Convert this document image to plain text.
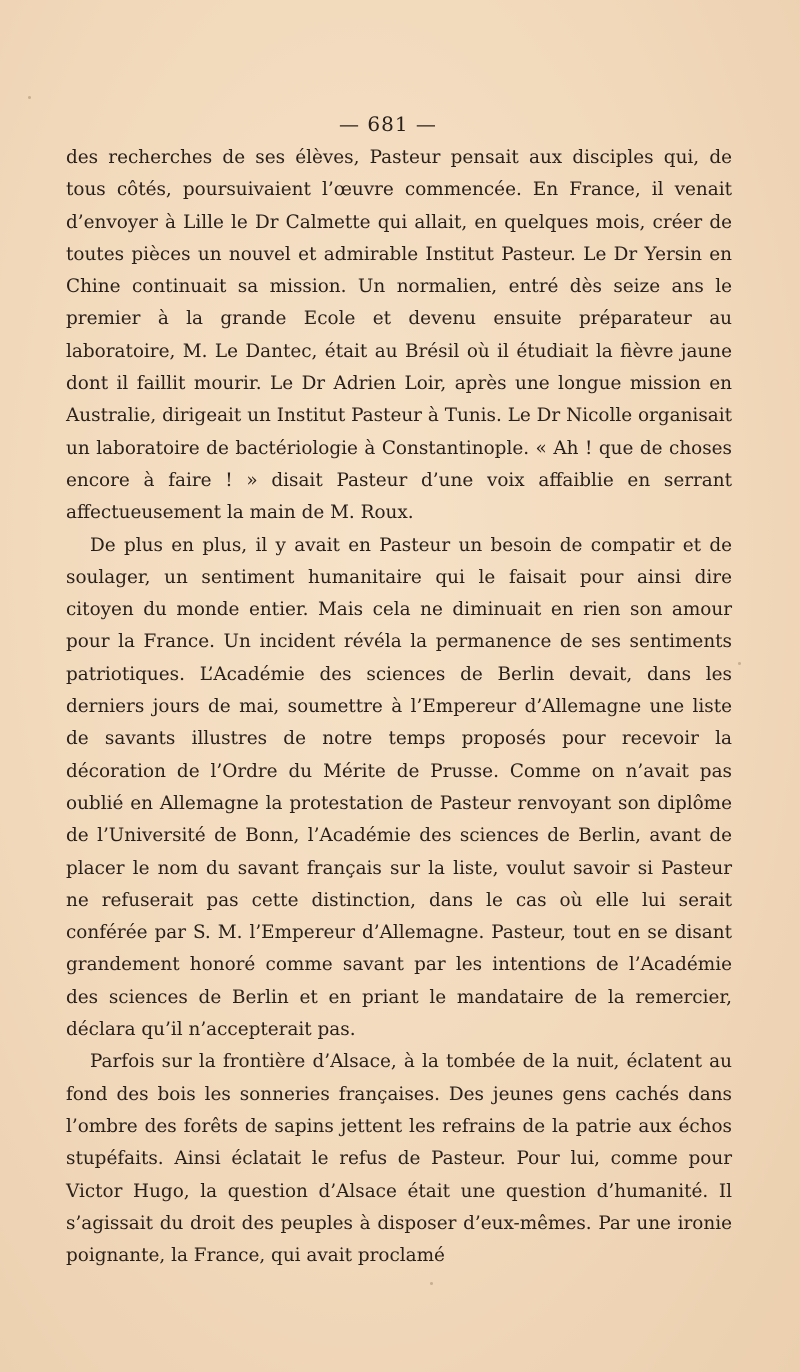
— 681 —

des recherches de ses élèves, Pasteur pensait aux disciples qui, de tous côtés, poursuivaient l’œuvre commencée. En France, il venait d’envoyer à Lille le Dr Calmette qui allait, en quelques mois, créer de toutes pièces un nouvel et admirable Institut Pasteur. Le Dr Yersin en Chine continuait sa mission. Un normalien, entré dès seize ans le premier à la grande Ecole et devenu ensuite préparateur au laboratoire, M. Le Dantec, était au Brésil où il étudiait la fièvre jaune dont il faillit mourir. Le Dr Adrien Loir, après une longue mission en Australie, dirigeait un Institut Pasteur à Tunis. Le Dr Nicolle organisait un laboratoire de bactériologie à Constantinople. « Ah ! que de choses encore à faire ! » disait Pasteur d’une voix affaiblie en serrant affectueusement la main de M. Roux.

De plus en plus, il y avait en Pasteur un besoin de compatir et de soulager, un sentiment humanitaire qui le faisait pour ainsi dire citoyen du monde entier. Mais cela ne diminuait en rien son amour pour la France. Un incident révéla la permanence de ses sentiments patriotiques. L’Académie des sciences de Berlin devait, dans les derniers jours de mai, soumettre à l’Empereur d’Allemagne une liste de savants illustres de notre temps proposés pour recevoir la décoration de l’Ordre du Mérite de Prusse. Comme on n’avait pas oublié en Allemagne la protestation de Pasteur renvoyant son diplôme de l’Université de Bonn, l’Académie des sciences de Berlin, avant de placer le nom du savant français sur la liste, voulut savoir si Pasteur ne refuserait pas cette distinction, dans le cas où elle lui serait conférée par S. M. l’Empereur d’Allemagne. Pasteur, tout en se disant grandement honoré comme savant par les intentions de l’Académie des sciences de Berlin et en priant le mandataire de la remercier, déclara qu’il n’accepterait pas.

Parfois sur la frontière d’Alsace, à la tombée de la nuit, éclatent au fond des bois les sonneries françaises. Des jeunes gens cachés dans l’ombre des forêts de sapins jettent les refrains de la patrie aux échos stupéfaits. Ainsi éclatait le refus de Pasteur. Pour lui, comme pour Victor Hugo, la question d’Alsace était une question d’humanité. Il s’agissait du droit des peuples à disposer d’eux-mêmes. Par une ironie poignante, la France, qui avait proclamé
